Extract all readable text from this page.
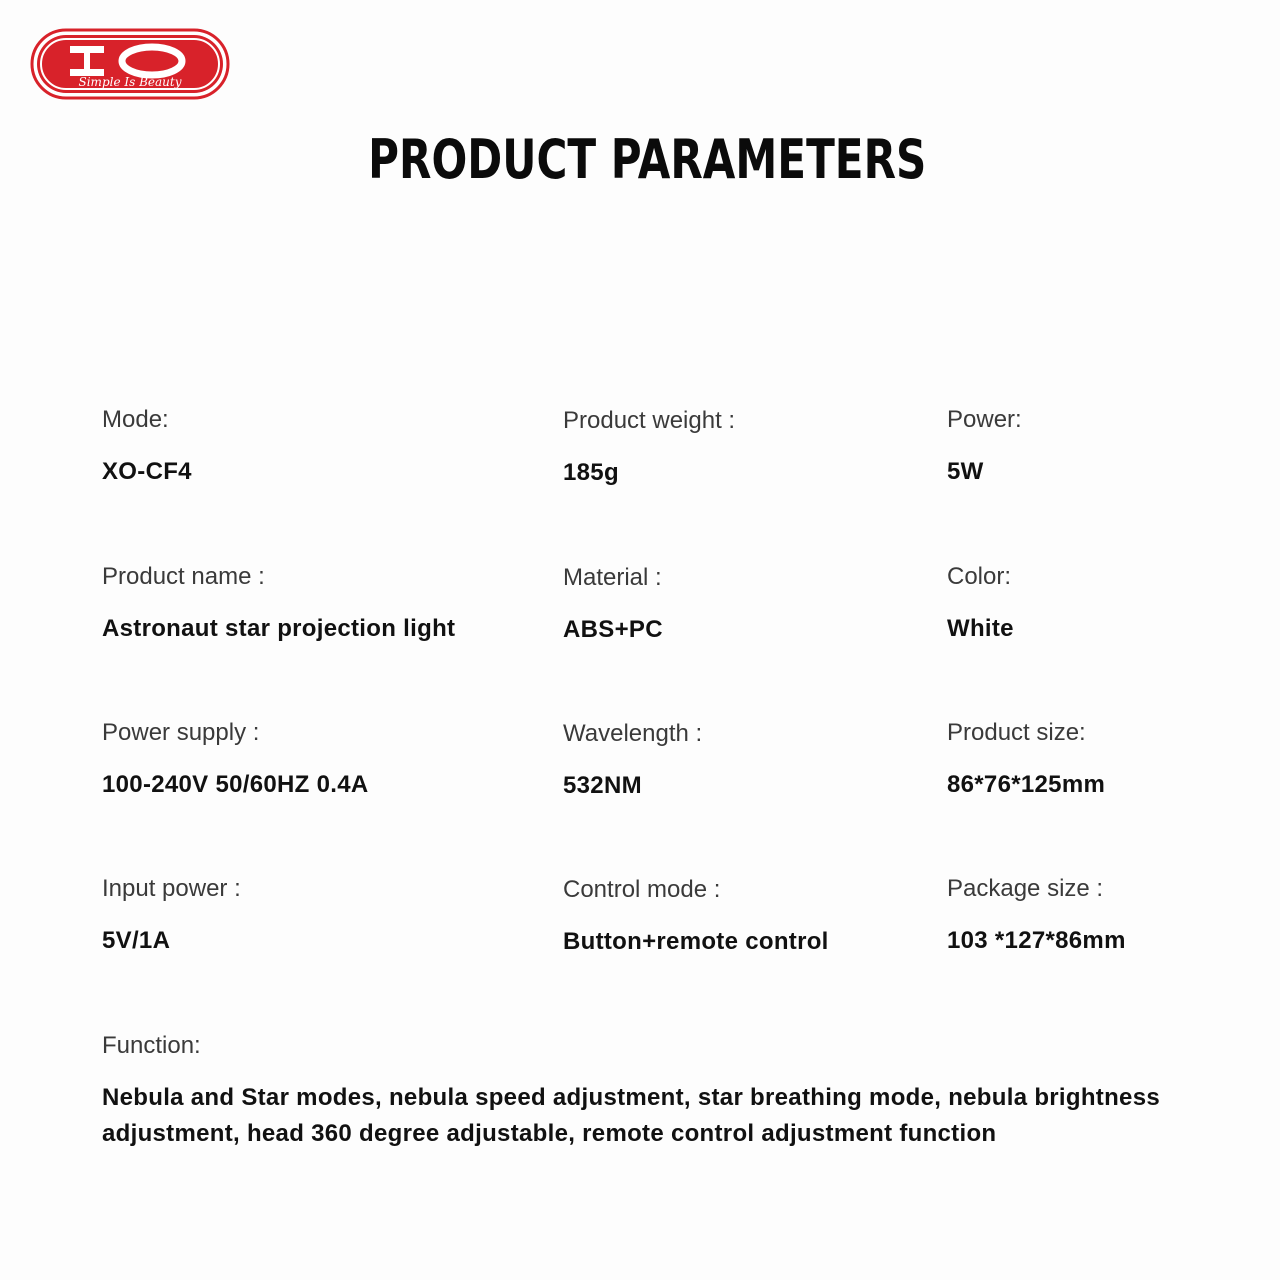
Simple Is Beauty
PRODUCT PARAMETERS
Mode:
XO-CF4
Product weight :
185g
Power:
5W
Product name :
Astronaut star projection light
Material :
ABS+PC
Color:
White
Power supply :
100-240V 50/60HZ 0.4A
Wavelength :
532NM
Product size:
86*76*125mm
Input power :
5V/1A
Control mode :
Button+remote control
Package size :
103 *127*86mm
Function:
Nebula and Star modes, nebula speed adjustment, star breathing mode, nebula brightness adjustment, head 360 degree adjustable, remote control adjustment function
